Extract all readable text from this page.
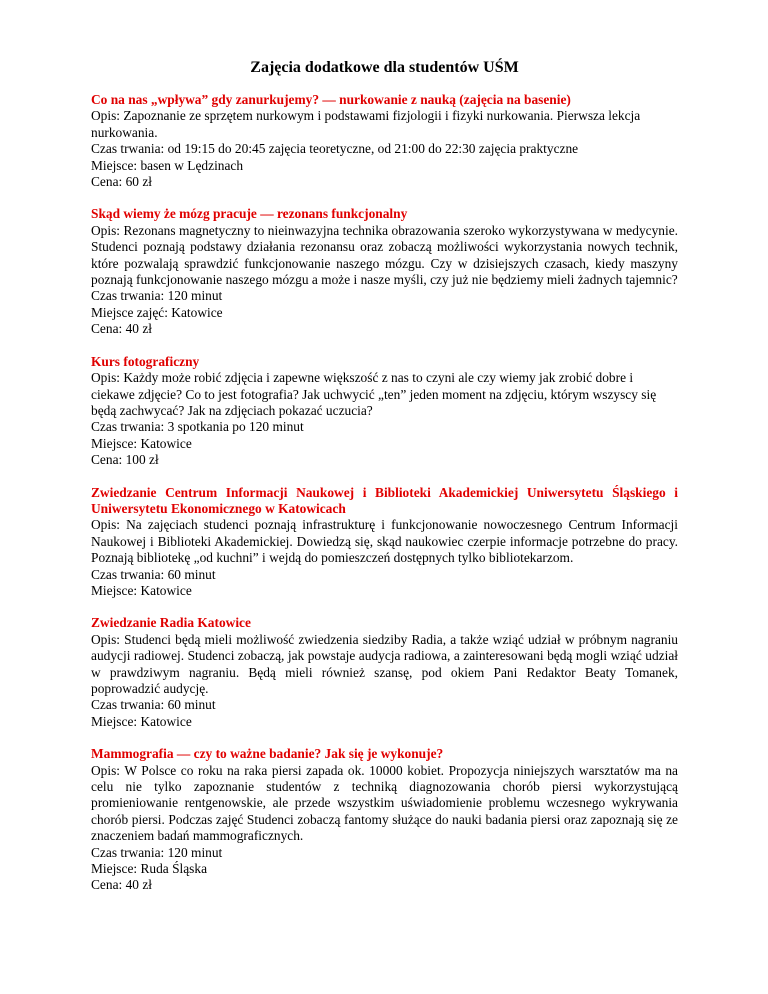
Zajęcia dodatkowe dla studentów UŚM
Co na nas „wpływa” gdy zanurkujemy? — nurkowanie z nauką (zajęcia na basenie)
Opis: Zapoznanie ze sprzętem nurkowym i podstawami fizjologii i fizyki nurkowania. Pierwsza lekcja nurkowania.
Czas trwania: od 19:15 do 20:45 zajęcia teoretyczne, od 21:00 do 22:30 zajęcia praktyczne
Miejsce: basen w Lędzinach
Cena: 60 zł
Skąd wiemy że mózg pracuje — rezonans funkcjonalny
Opis: Rezonans magnetyczny to nieinwazyjna technika obrazowania szeroko wykorzystywana w medycynie. Studenci poznają podstawy działania rezonansu oraz zobaczą możliwości wykorzystania nowych technik, które pozwalają sprawdzić funkcjonowanie naszego mózgu. Czy w dzisiejszych czasach, kiedy maszyny poznają funkcjonowanie naszego mózgu a może i nasze myśli, czy już nie będziemy mieli żadnych tajemnic?
Czas trwania: 120 minut
Miejsce zajęć: Katowice
Cena: 40 zł
Kurs fotograficzny
Opis: Każdy może robić zdjęcia i zapewne większość z nas to czyni ale czy wiemy jak zrobić dobre i ciekawe zdjęcie? Co to jest fotografia? Jak uchwycić „ten” jeden moment na zdjęciu, którym wszyscy się będą zachwycać? Jak na zdjęciach pokazać uczucia?
Czas trwania: 3 spotkania po 120 minut
Miejsce: Katowice
Cena: 100 zł
Zwiedzanie Centrum Informacji Naukowej i Biblioteki Akademickiej Uniwersytetu Śląskiego i Uniwersytetu Ekonomicznego w Katowicach
Opis: Na zajęciach studenci poznają infrastrukturę i funkcjonowanie nowoczesnego Centrum Informacji Naukowej i Biblioteki Akademickiej. Dowiedzą się, skąd naukowiec czerpie informacje potrzebne do pracy. Poznają bibliotekę „od kuchni” i wejdą do pomieszczeń dostępnych tylko bibliotekarzom.
Czas trwania: 60 minut
Miejsce: Katowice
Zwiedzanie Radia Katowice
Opis: Studenci będą mieli możliwość zwiedzenia siedziby Radia, a także wziąć udział w próbnym nagraniu audycji radiowej. Studenci zobaczą, jak powstaje audycja radiowa, a zainteresowani będą mogli wziąć udział w prawdziwym nagraniu. Będą mieli również szansę, pod okiem Pani Redaktor Beaty Tomanek, poprowadzić audycję.
Czas trwania: 60 minut
Miejsce: Katowice
Mammografia — czy to ważne badanie? Jak się je wykonuje?
Opis: W Polsce co roku na raka piersi zapada ok. 10000 kobiet. Propozycja niniejszych warsztatów ma na celu nie tylko zapoznanie studentów z techniką diagnozowania chorób piersi wykorzystującą promieniowanie rentgenowskie, ale przede wszystkim uświadomienie problemu wczesnego wykrywania chorób piersi. Podczas zajęć Studenci zobaczą fantomy służące do nauki badania piersi oraz zapoznają się ze znaczeniem badań mammograficznych.
Czas trwania: 120 minut
Miejsce: Ruda Śląska
Cena: 40 zł
